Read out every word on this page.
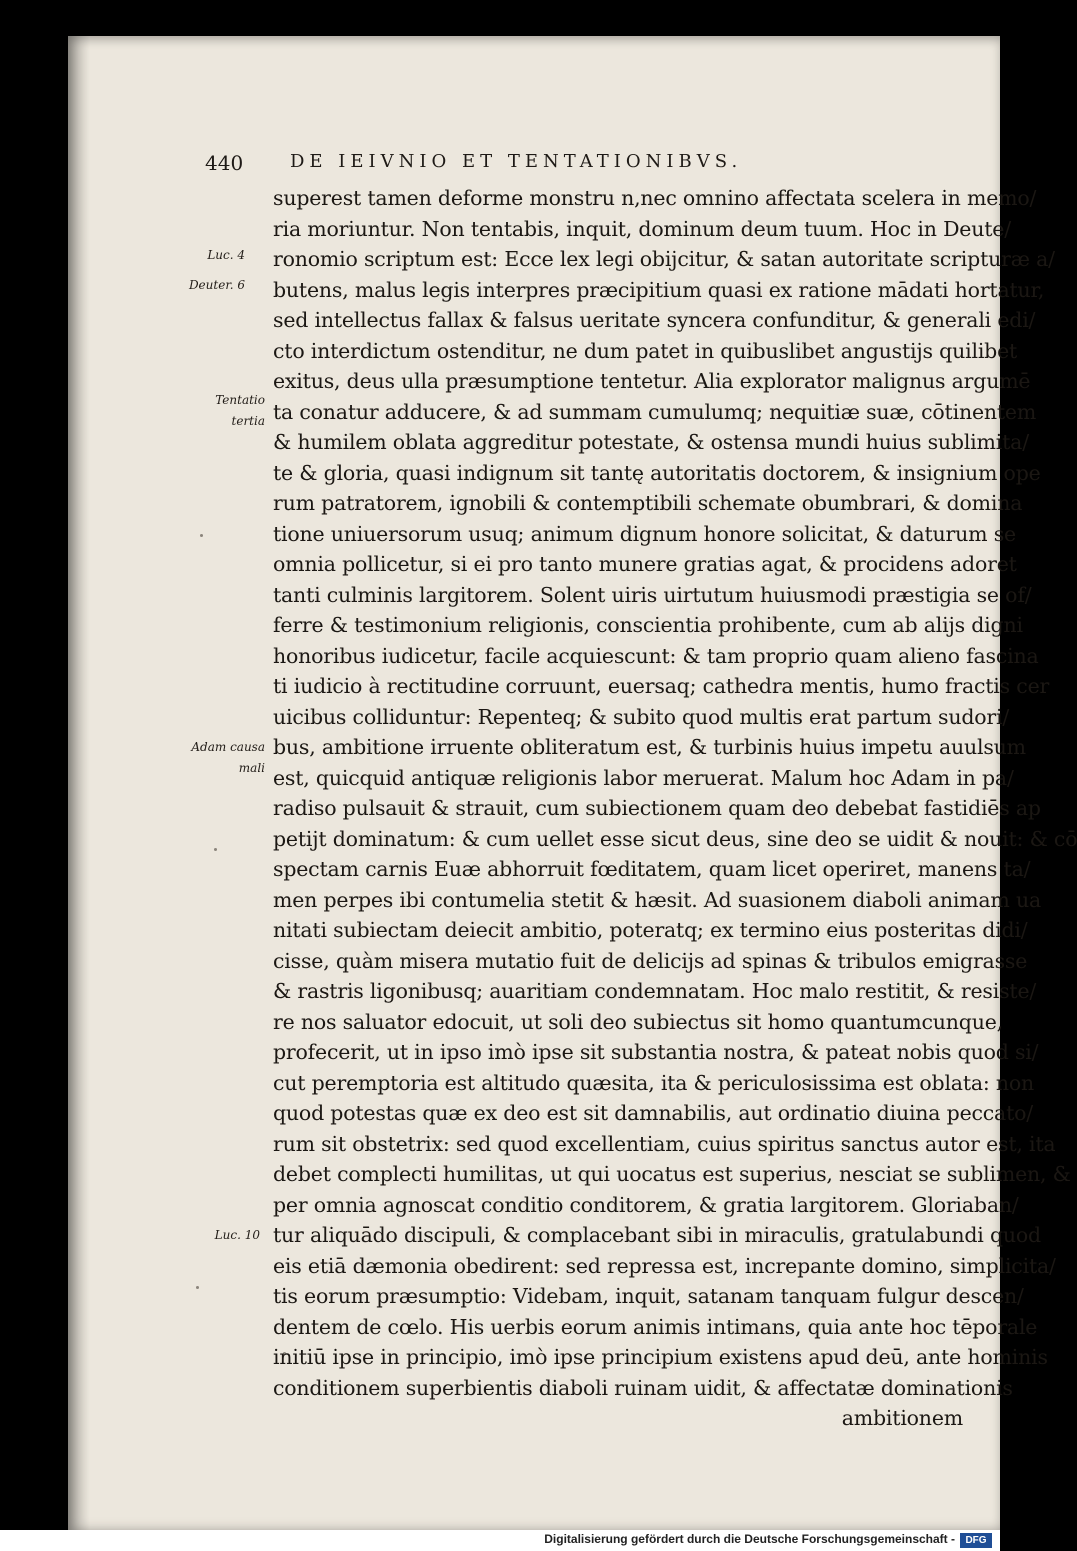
440	DE IEIVNIO ET TENTATIONIBVS.
Luc. 4
Deuter. 6
Tentatio tertia
Adam causa mali
Luc. 10
superest tamen deforme monstru n,nec omnino affectata scelera in memo/
ria moriuntur. Non tentabis, inquit, dominum deum tuum. Hoc in Deute/
ronomio scriptum est: Ecce lex legi obijcitur, & satan autoritate scripturæ a/
butens, malus legis interpres præcipitium quasi ex ratione mādati hortatur,
sed intellectus fallax & falsus ueritate syncera confunditur, & generali edi/
cto interdictum ostenditur, ne dum patet in quibuslibet angustijs quilibet
exitus, deus ulla præsumptione tentetur. Alia explorator malignus argumē
ta conatur adducere, & ad summam cumulumq; nequitiæ suæ, cōtinentem
& humilem oblata aggreditur potestate, & ostensa mundi huius sublimita/
te & gloria, quasi indignum sit tantę autoritatis doctorem, & insignium ope
rum patratorem, ignobili & contemptibili schemate obumbrari, & domina
tione uniuersorum usuq; animum dignum honore solicitat, & daturum se
omnia pollicetur, si ei pro tanto munere gratias agat, & procidens adoret
tanti culminis largitorem. Solent uiris uirtutum huiusmodi præstigia se of/
ferre & testimonium religionis, conscientia prohibente, cum ab alijs digni
honoribus iudicetur, facile acquiescunt: & tam proprio quam alieno fascina
ti iudicio à rectitudine corruunt, euersaq; cathedra mentis, humo fractis cer
uicibus colliduntur: Repenteq; & subito quod multis erat partum sudori/
bus, ambitione irruente obliteratum est, & turbinis huius impetu auulsum
est, quicquid antiquæ religionis labor meruerat. Malum hoc Adam in pa/
radiso pulsauit & strauit, cum subiectionem quam deo debebat fastidiēs ap
petijt dominatum: & cum uellet esse sicut deus, sine deo se uidit & nouit: & cō
spectam carnis Euæ abhorruit fœditatem, quam licet operiret, manens ta/
men perpes ibi contumelia stetit & hæsit. Ad suasionem diaboli animam ua
nitati subiectam deiecit ambitio, poteratq; ex termino eius posteritas didi/
cisse, quàm misera mutatio fuit de delicijs ad spinas & tribulos emigrasse
& rastris ligonibusq; auaritiam condemnatam. Hoc malo restitit, & resiste/
re nos saluator edocuit, ut soli deo subiectus sit homo quantumcunque,
profecerit, ut in ipso imò ipse sit substantia nostra, & pateat nobis quod si/
cut peremptoria est altitudo quæsita, ita & periculosissima est oblata: non
quod potestas quæ ex deo est sit damnabilis, aut ordinatio diuina peccato/
rum sit obstetrix: sed quod excellentiam, cuius spiritus sanctus autor est, ita
debet complecti humilitas, ut qui uocatus est superius, nesciat se sublimen, &
per omnia agnoscat conditio conditorem, & gratia largitorem. Gloriaban/
tur aliquādo discipuli, & complacebant sibi in miraculis, gratulabundi quod
eis etiā dæmonia obedirent: sed repressa est, increpante domino, simplicita/
tis eorum præsumptio: Videbam, inquit, satanam tanquam fulgur descen/
dentem de cœlo. His uerbis eorum animis intimans, quia ante hoc tēporale
initiū ipse in principio, imò ipse principium existens apud deū, ante hominis
conditionem superbientis diaboli ruinam uidit, & affectatæ dominationis
ambitionem
Digitalisierung gefördert durch die Deutsche Forschungsgemeinschaft -	DFG
